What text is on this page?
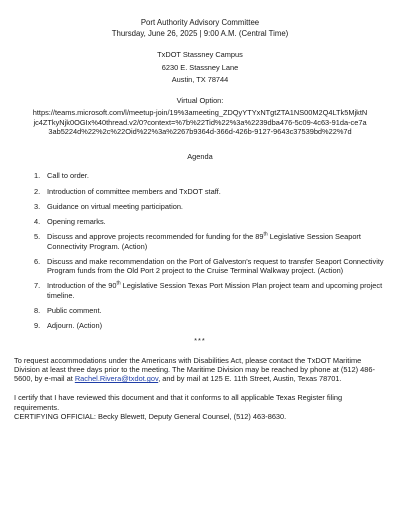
Port Authority Advisory Committee
Thursday, June 26, 2025 | 9:00 A.M. (Central Time)
TxDOT Stassney Campus
6230 E. Stassney Lane
Austin, TX 78744
Virtual Option:
https://teams.microsoft.com/l/meetup-join/19%3ameeting_ZDQyYTYxNTgtZTA1NS00M2Q4LTk5MjktNjc4ZTkyNjk0OGIx%40thread.v2/0?context=%7b%22Tid%22%3a%2239dba476-5c09-4c63-91da-ce7a3ab5224d%22%2c%22Oid%22%3a%2267b9364d-366d-426b-9127-9643c37539bd%22%7d
Agenda
1. Call to order.
2. Introduction of committee members and TxDOT staff.
3. Guidance on virtual meeting participation.
4. Opening remarks.
5. Discuss and approve projects recommended for funding for the 89th Legislative Session Seaport Connectivity Program. (Action)
6. Discuss and make recommendation on the Port of Galveston's request to transfer Seaport Connectivity Program funds from the Old Port 2 project to the Cruise Terminal Walkway project. (Action)
7. Introduction of the 90th Legislative Session Texas Port Mission Plan project team and upcoming project timeline.
8. Public comment.
9. Adjourn. (Action)
***
To request accommodations under the Americans with Disabilities Act, please contact the TxDOT Maritime Division at least three days prior to the meeting. The Maritime Division may be reached by phone at (512) 486-5600, by e-mail at Rachel.Rivera@txdot.gov, and by mail at 125 E. 11th Street, Austin, Texas 78701.
I certify that I have reviewed this document and that it conforms to all applicable Texas Register filing requirements.
CERTIFYING OFFICIAL: Becky Blewett, Deputy General Counsel, (512) 463-8630.
